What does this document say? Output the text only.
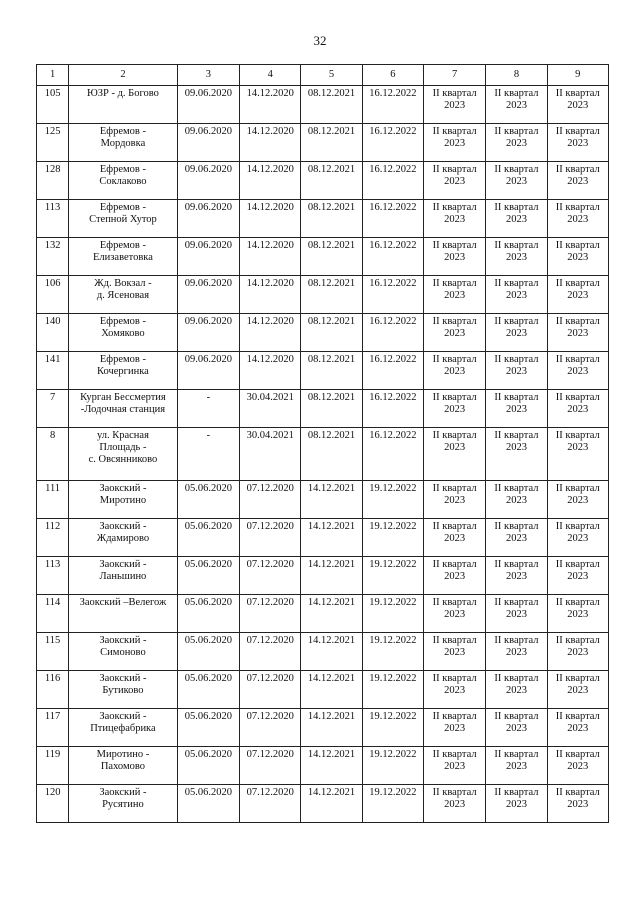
32
1	2	3	4	5	6	7	8	9
105	ЮЗР - д. Богово	09.06.2020	14.12.2020	08.12.2021	16.12.2022	II квартал
2023	II квартал
2023	II квартал
2023

125	Ефремов -
Мордовка	09.06.2020	14.12.2020	08.12.2021	16.12.2022	II квартал
2023	II квартал
2023	II квартал
2023

128	Ефремов -
Соклаково	09.06.2020	14.12.2020	08.12.2021	16.12.2022	II квартал
2023	II квартал
2023	II квартал
2023

113	Ефремов -
Степной Хутор	09.06.2020	14.12.2020	08.12.2021	16.12.2022	II квартал
2023	II квартал
2023	II квартал
2023

132	Ефремов -
Елизаветовка	09.06.2020	14.12.2020	08.12.2021	16.12.2022	II квартал
2023	II квартал
2023	II квартал
2023

106	Жд. Вокзал -
д. Ясеновая	09.06.2020	14.12.2020	08.12.2021	16.12.2022	II квартал
2023	II квартал
2023	II квартал
2023

140	Ефремов -
Хомяково	09.06.2020	14.12.2020	08.12.2021	16.12.2022	II квартал
2023	II квартал
2023	II квартал
2023

141	Ефремов -
Кочергинка	09.06.2020	14.12.2020	08.12.2021	16.12.2022	II квартал
2023	II квартал
2023	II квартал
2023

7	Курган Бессмертия
-Лодочная станция	-	30.04.2021	08.12.2021	16.12.2022	II квартал
2023	II квартал
2023	II квартал
2023

8	ул. Красная
Площадь -
с. Овсянниково	-	30.04.2021	08.12.2021	16.12.2022	II квартал
2023	II квартал
2023	II квартал
2023

111	Заокский -
Миротино	05.06.2020	07.12.2020	14.12.2021	19.12.2022	II квартал
2023	II квартал
2023	II квартал
2023

112	Заокский -
Ждамирово	05.06.2020	07.12.2020	14.12.2021	19.12.2022	II квартал
2023	II квартал
2023	II квартал
2023

113	Заокский -
Ланьшино	05.06.2020	07.12.2020	14.12.2021	19.12.2022	II квартал
2023	II квартал
2023	II квартал
2023

114	Заокский –Велегож	05.06.2020	07.12.2020	14.12.2021	19.12.2022	II квартал
2023	II квартал
2023	II квартал
2023

115	Заокский -
Симоново	05.06.2020	07.12.2020	14.12.2021	19.12.2022	II квартал
2023	II квартал
2023	II квартал
2023

116	Заокский -
Бутиково	05.06.2020	07.12.2020	14.12.2021	19.12.2022	II квартал
2023	II квартал
2023	II квартал
2023

117	Заокский -
Птицефабрика	05.06.2020	07.12.2020	14.12.2021	19.12.2022	II квартал
2023	II квартал
2023	II квартал
2023

119	Миротино -
Пахомово	05.06.2020	07.12.2020	14.12.2021	19.12.2022	II квартал
2023	II квартал
2023	II квартал
2023

120	Заокский -
Русятино	05.06.2020	07.12.2020	14.12.2021	19.12.2022	II квартал
2023	II квартал
2023	II квартал
2023
